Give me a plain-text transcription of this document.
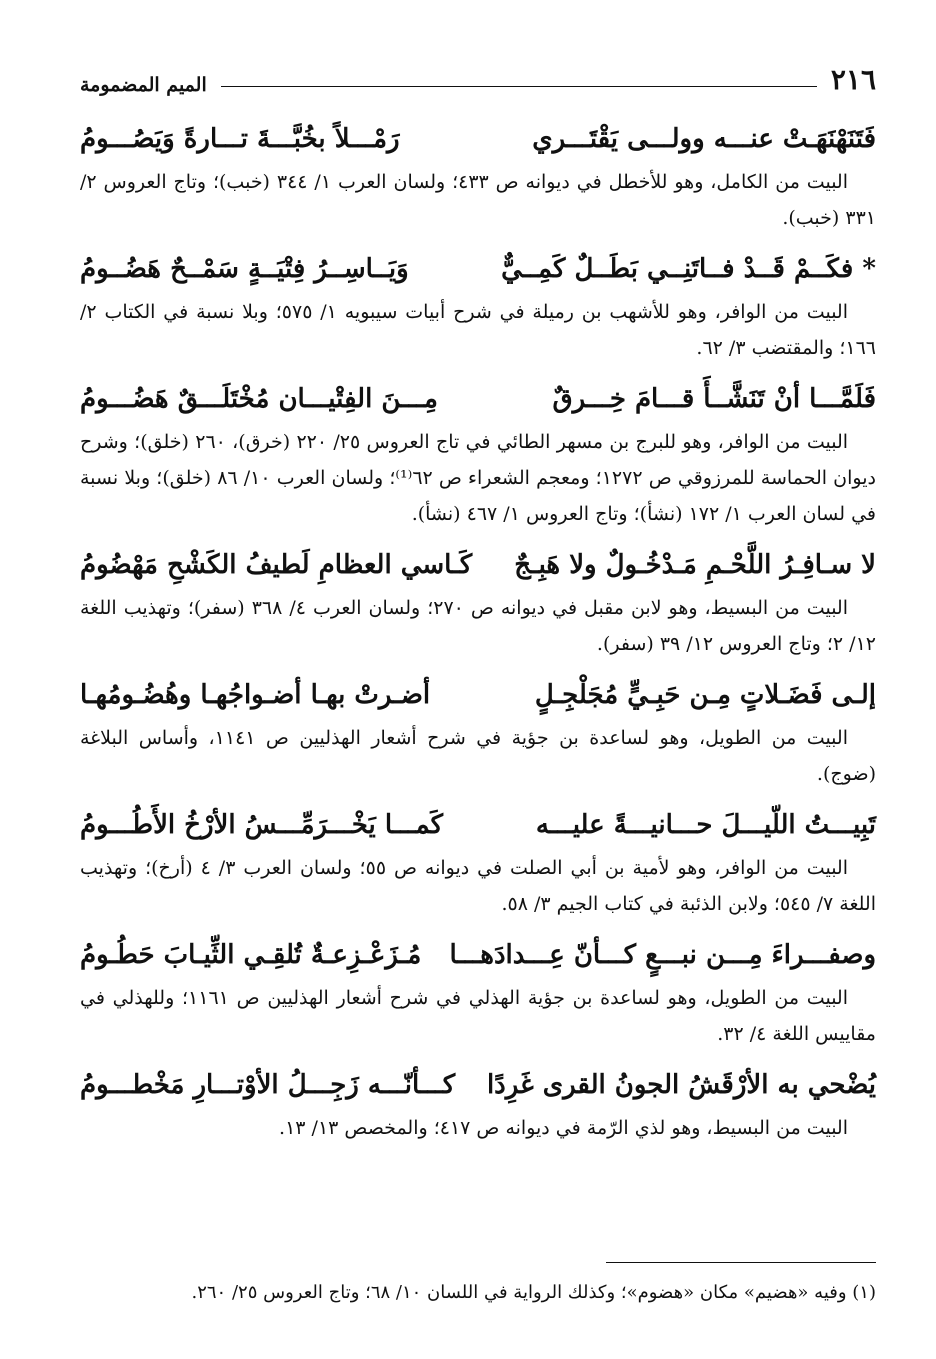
٢١٦
الميم المضمومة
فَتَنَهْنَهَـتْ عنـــه وولـــى يَقْتَـــري
رَمْـــلاً بخُبَّـــةَ تـــارةً وَيَصُـــومُ

البيت من الكامل، وهو للأخطل في ديوانه ص ٤٣٣؛ ولسان العرب ١/ ٣٤٤ (خبب)؛ وتاج العروس ٢/ ٣٣١ (خبب).

* فكَــمْ قَــدْ فــاتَنِــي بَطَــلٌ كَمِــيٌّ
وَيَــاسِــرُ فِتْيَــةٍ سَمْــحٌ هَضُــومُ

البيت من الوافر، وهو للأشهب بن رميلة في شرح أبيات سيبويه ١/ ٥٧٥؛ وبلا نسبة في الكتاب ٢/ ١٦٦؛ والمقتضب ٣/ ٦٢.

فَلَمَّـــا أنْ تَنَشَّــأَ قـــامَ خِـــرقٌ
مِـــنَ الفِتْيـــان مُخْتَلَـــقٌ هَضُـــومُ

البيت من الوافر، وهو للبرج بن مسهر الطائي في تاج العروس ٢٥/ ٢٢٠ (خرق)، ٢٦٠ (خلق)؛ وشرح ديوان الحماسة للمرزوقي ص ١٢٧٢؛ ومعجم الشعراء ص ٦٢⁽¹⁾؛ ولسان العرب ١٠/ ٨٦ (خلق)؛ وبلا نسبة في لسان العرب ١/ ١٧٢ (نشأ)؛ وتاج العروس ١/ ٤٦٧ (نشأ).

لا سـافِـرُ اللَّحْـمِ مَـدْخُـولٌ ولا هَبِـجٌ
كَـاسي العظامِ لَطيفُ الكَشْحِ مَهْضُومُ

البيت من البسيط، وهو لابن مقبل في ديوانه ص ٢٧٠؛ ولسان العرب ٤/ ٣٦٨ (سفر)؛ وتهذيب اللغة ١٢/ ٢؛ وتاج العروس ١٢/ ٣٩ (سفر).

إلـى فَضَـلاتٍ مِـن حَبِـيٍّ مُجَلْجِـلٍ
أضـرتْ بهـا أضـواجُهـا وهُضُـومُهـا

البيت من الطويل، وهو لساعدة بن جؤية في شرح أشعار الهذليين ص ١١٤١، وأساس البلاغة (ضوج).

تَبِيـــتُ اللّيـــلَ حـــانيـــةً عليـــه
كَمـــا يَخْـــرَمِّـــسُ الأرْخُ الأَطُـــومُ

البيت من الوافر، وهو لأمية بن أبي الصلت في ديوانه ص ٥٥؛ ولسان العرب ٣/ ٤ (أرخ)؛ وتهذيب اللغة ٧/ ٥٤٥؛ ولابن الذئبة في كتاب الجيم ٣/ ٥٨.

وصفـــراءَ مِـــن نبـــعٍ كـــأنّ عِـــدادَهـــا
مُـزَعْـزِعـةٌ تُلقِـي الثِّيـابَ حَطُـومُ

البيت من الطويل، وهو لساعدة بن جؤية الهذلي في شرح أشعار الهذليين ص ١١٦١؛ وللهذلي في مقاييس اللغة ٤/ ٣٢.

يُضْحي به الأرْقَشُ الجونُ القرى غَرِدًا
كـــأنّـــه زَجِـــلُ الأوْتـــارِ مَخْطـــومُ

البيت من البسيط، وهو لذي الرّمة في ديوانه ص ٤١٧؛ والمخصص ١٣/ ١٣.

(١) وفيه «هضيم» مكان «هضوم»؛ وكذلك الرواية في اللسان ١٠/ ٦٨؛ وتاج العروس ٢٥/ ٢٦٠.
